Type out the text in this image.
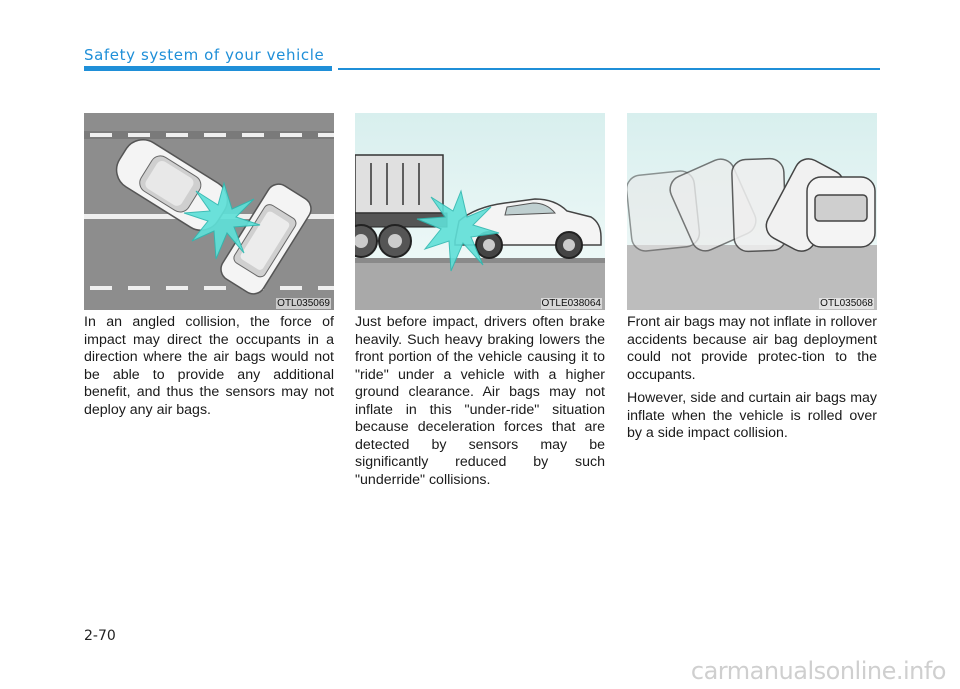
Safety system of your vehicle
OTL035069	OTLE038064	OTL035068

In an angled collision, the force of impact may direct the occupants in a direction where the air bags would not be able to provide any additional benefit, and thus the sensors may not deploy any air bags.

Just before impact, drivers often brake heavily. Such heavy braking lowers the front portion of the vehicle causing it to "ride" under a vehicle with a higher ground clearance. Air bags may not inflate in this "under-ride" situation because deceleration forces that are detected by sensors may be significantly reduced by such "underride" collisions.

Front air bags may not inflate in rollover accidents because air bag deployment could not provide protec-tion to the occupants.

However, side and curtain air bags may inflate when the vehicle is rolled over by a side impact collision.

2-70
carmanualsonline.info
